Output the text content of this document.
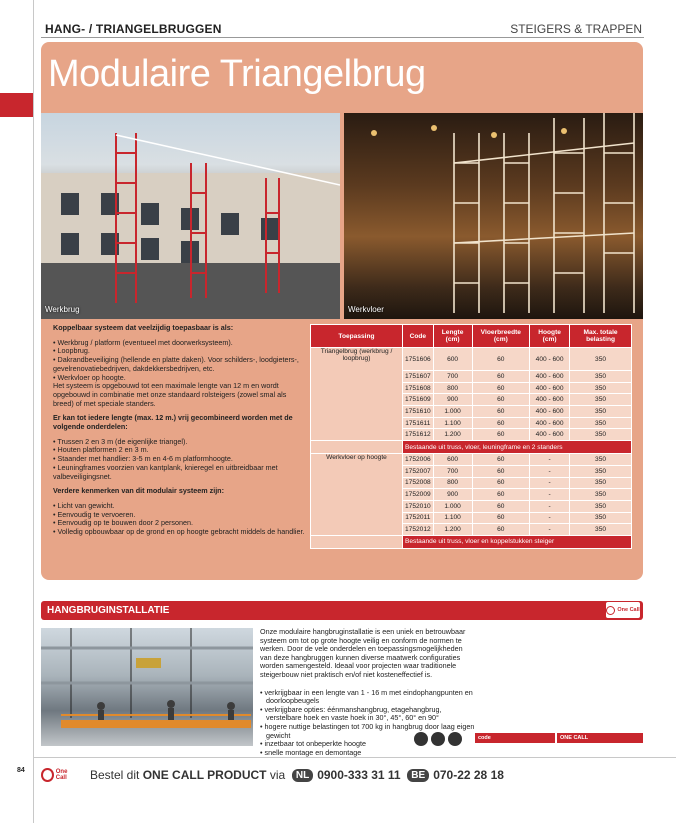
HANG- / TRIANGELBRUGGEN	STEIGERS & TRAPPEN
Modulaire Triangelbrug
Werkbrug	Werkvloer

Koppelbaar systeem dat veelzijdig toepasbaar is als:

• Werkbrug / platform (eventueel met doorwerksysteem).
• Loopbrug.
• Dakrandbeveiliging (hellende en platte daken). Voor schilders-, loodgieters-, gevelrenovatiebedrijven, dakdekkersbedrijven, etc.
• Werkvloer op hoogte.
Het systeem is opgebouwd tot een maximale lengte van 12 m en wordt opgebouwd in combinatie met onze standaard rolsteigers (zowel smal als breed) of met speciale standers.

Er kan tot iedere lengte (max. 12 m.) vrij gecombineerd worden met de volgende onderdelen:

• Trussen 2 en 3 m (de eigenlijke triangel).
• Houten platformen 2 en 3 m.
• Staander met handlier: 3-5 m en 4-6 m platformhoogte.
• Leuningframes voorzien van kantplank, knieregel en uitbreidbaar met valbeveiligingsnet.

Verdere kenmerken van dit modulair systeem zijn:

• Licht van gewicht.
• Eenvoudig te vervoeren.
• Eenvoudig op te bouwen door 2 personen.
• Volledig opbouwbaar op de grond en op hoogte gebracht middels de handlier.

Toepassing	Code	Lengte (cm)	Vloerbreedte (cm)	Hoogte (cm)	Max. totale belasting
Triangelbrug (werkbrug / loopbrug)	1751606	600	60	400 - 600	350
	1751607	700	60	400 - 600	350
	1751608	800	60	400 - 600	350
	1751609	900	60	400 - 600	350
	1751610	1.000	60	400 - 600	350
	1751611	1.100	60	400 - 600	350
	1751612	1.200	60	400 - 600	350
	Bestaande uit truss, vloer, leuningframe en 2 standers				
Werkvloer op hoogte	1752006	600	60	-	350
	1752007	700	60	-	350
	1752008	800	60	-	350
	1752009	900	60	-	350
	1752010	1.000	60	-	350
	1752011	1.100	60	-	350
	1752012	1.200	60	-	350
	Bestaande uit truss, vloer en koppelstukken steiger				
HANGBRUGINSTALLATIE	One Call

Onze modulaire hangbruginstallatie is een uniek en betrouwbaar systeem om tot op grote hoogte veilig en conform de normen te werken. Door de vele onderdelen en toepassingsmogelijkheden van deze hangbruggen kunnen diverse maatwerk configuraties worden samengesteld. Ideaal voor projecten waar traditionele steigerbouw niet praktisch en/of niet kosteneffectief is.

• verkrijgbaar in een lengte van 1 - 16 m met eindophangpunten en doorloopbeugels
• verkrijgbare opties: éénmanshangbrug, etagehangbrug, verstelbare hoek en vaste hoek in 30°, 45°, 60° en 90°
• hogere nuttige belastingen tot 700 kg in hangbrug door laag eigen gewicht
• inzetbaar tot onbeperkte hoogte
• snelle montage en demontage
code	ONE CALL
84	One Call	Bestel dit
ONE CALL PRODUCT
via
	NL 0900-333 31 11
	BE 070-22 28 18
